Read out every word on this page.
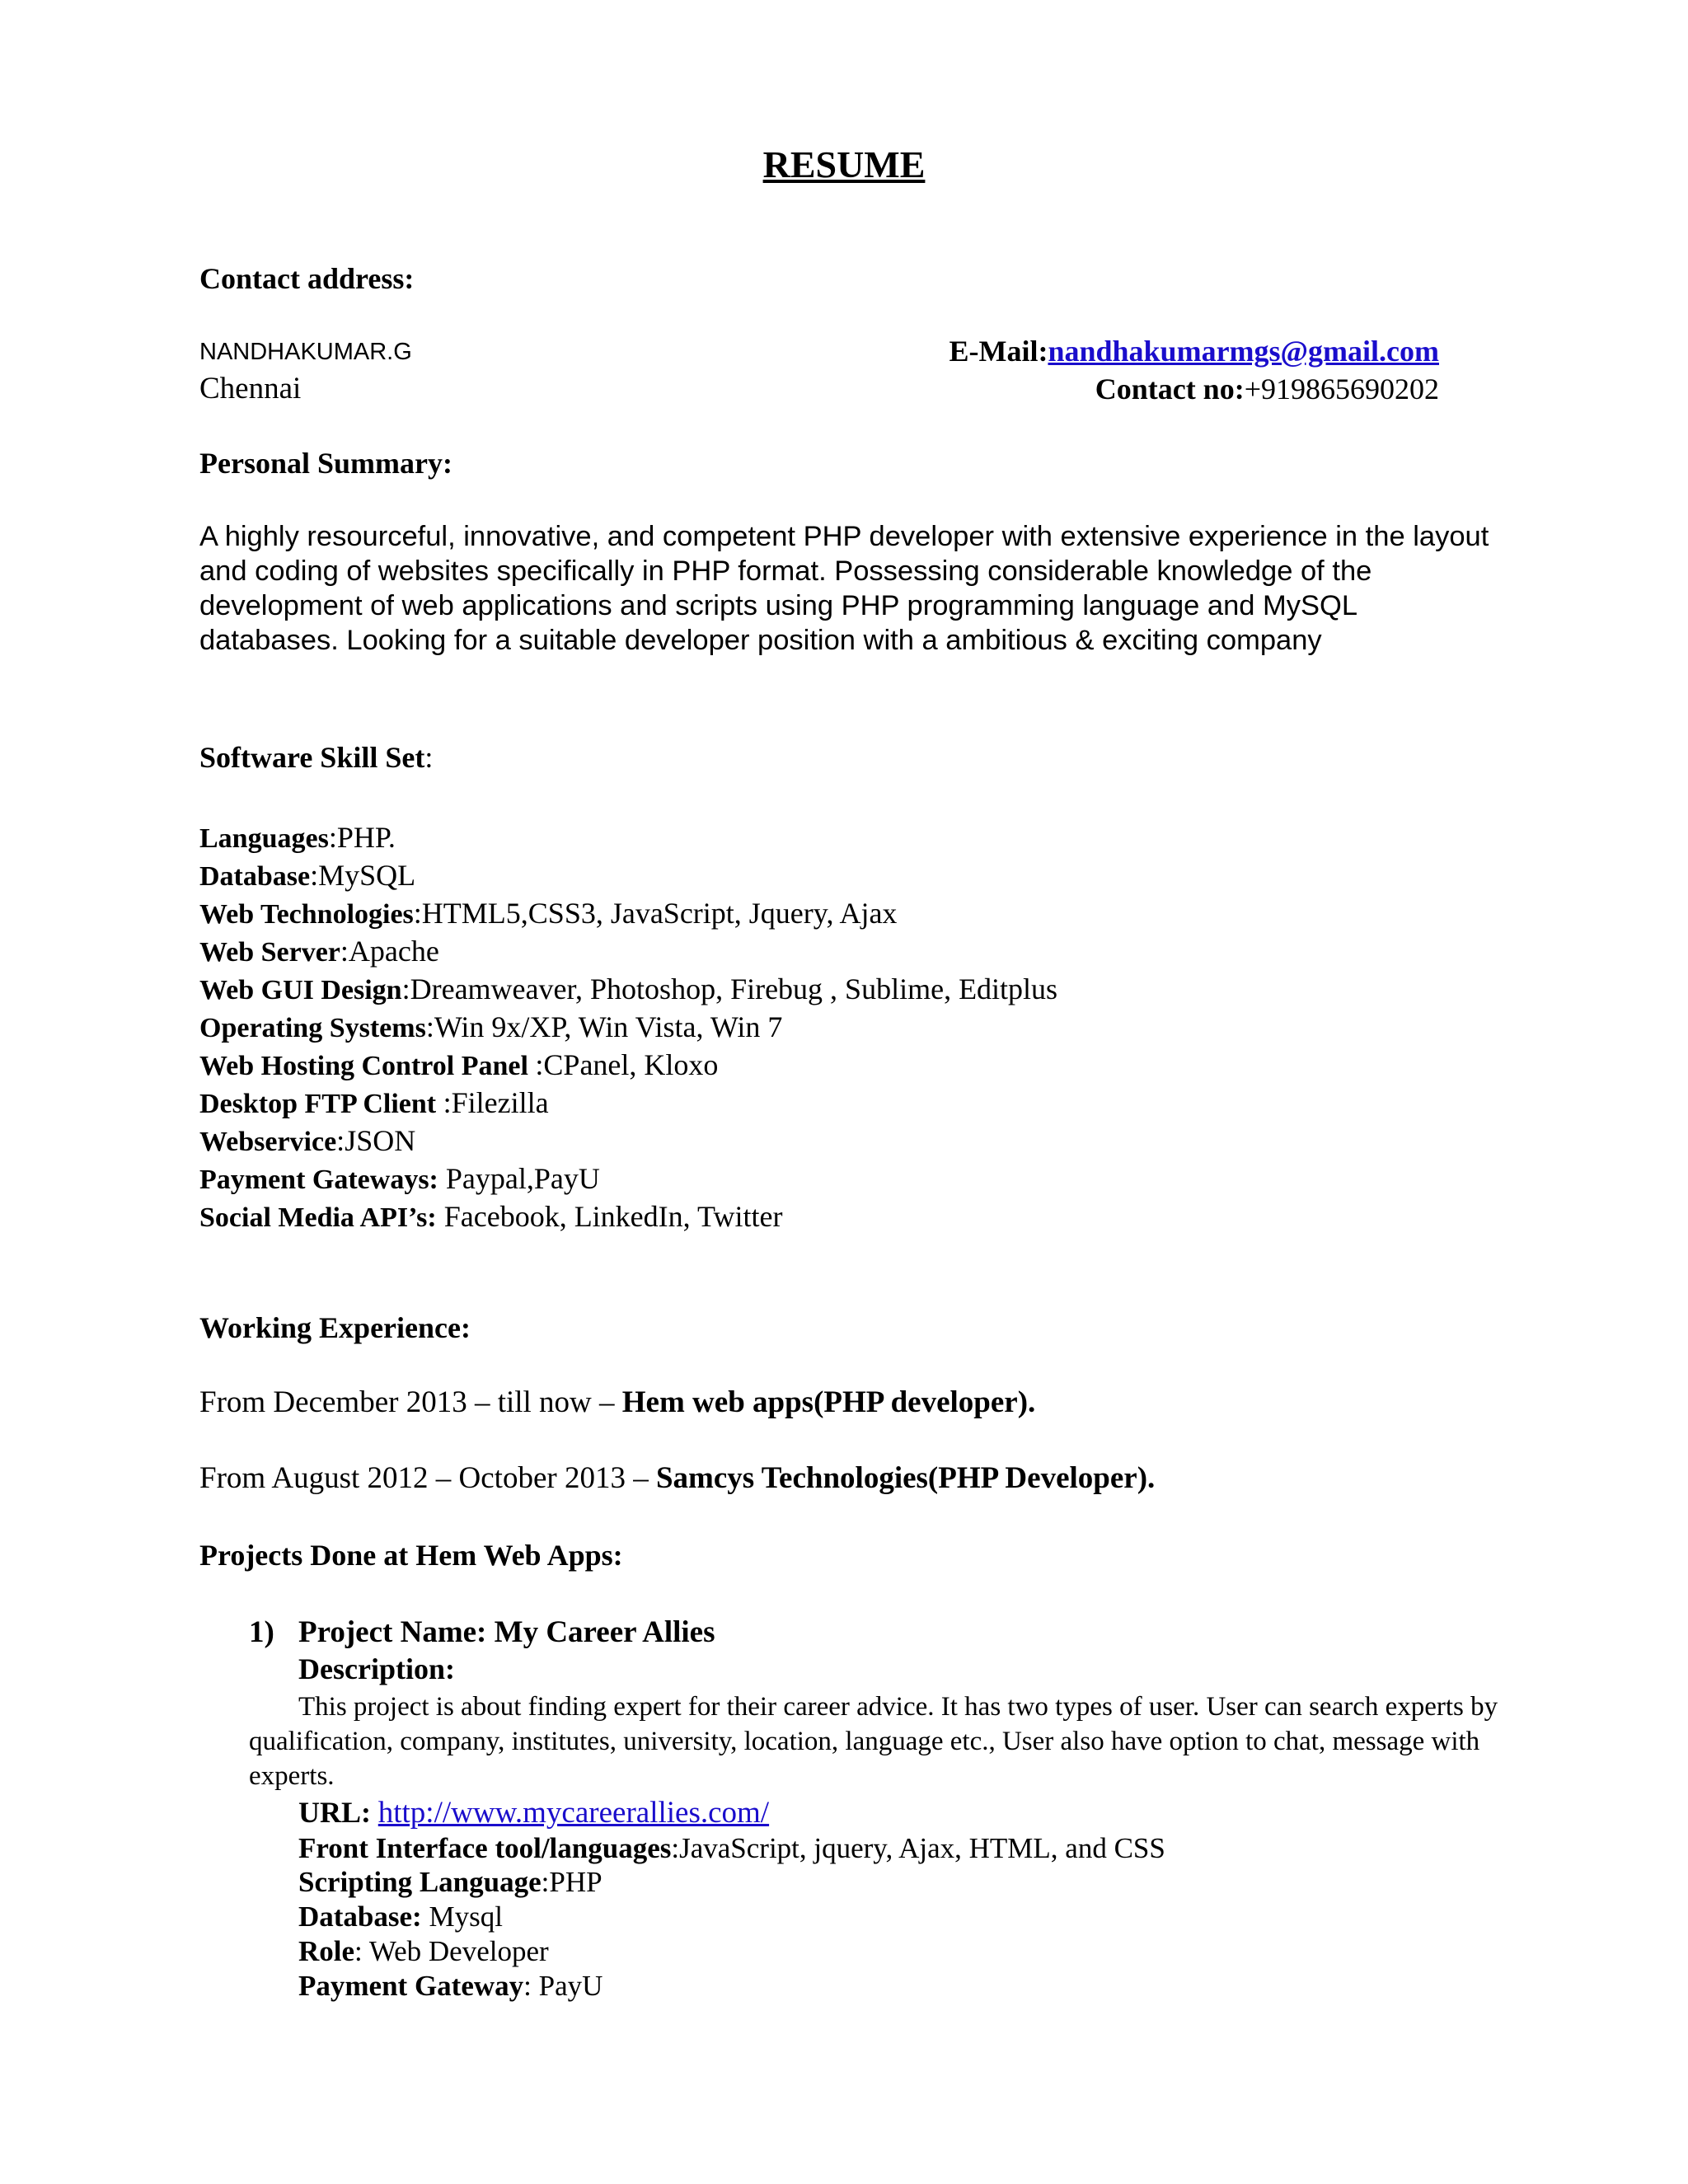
RESUME
Contact address:
NANDHAKUMAR.G
Chennai
E-Mail:nandhakumarmgs@gmail.com
Contact no:+919865690202
Personal Summary:
A highly resourceful, innovative, and competent PHP developer with extensive experience in the layout and coding of websites specifically in PHP format. Possessing considerable knowledge of the development of web applications and scripts using PHP programming language and MySQL databases. Looking for a suitable developer position with a ambitious & exciting company
Software Skill Set:
Languages:PHP.
Database:MySQL
Web Technologies:HTML5,CSS3, JavaScript, Jquery, Ajax
Web Server:Apache
Web GUI Design:Dreamweaver, Photoshop, Firebug , Sublime, Editplus
Operating Systems:Win 9x/XP, Win Vista, Win 7
Web Hosting Control Panel :CPanel, Kloxo
Desktop FTP Client :Filezilla
Webservice:JSON
Payment Gateways: Paypal,PayU
Social Media API’s: Facebook, LinkedIn, Twitter
Working Experience:
From December 2013 – till now – Hem web apps(PHP developer).
From August 2012 – October 2013 – Samcys Technologies(PHP Developer).
Projects Done at Hem Web Apps:
1) Project Name: My Career Allies
Description:
This project is about finding expert for their career advice. It has two types of user. User can search experts by qualification, company, institutes, university, location, language etc., User also have option to chat, message with experts.
URL: http://www.mycareerallies.com/
Front Interface tool/languages:JavaScript, jquery, Ajax, HTML, and CSS
Scripting Language:PHP
Database: Mysql
Role: Web Developer
Payment Gateway: PayU
